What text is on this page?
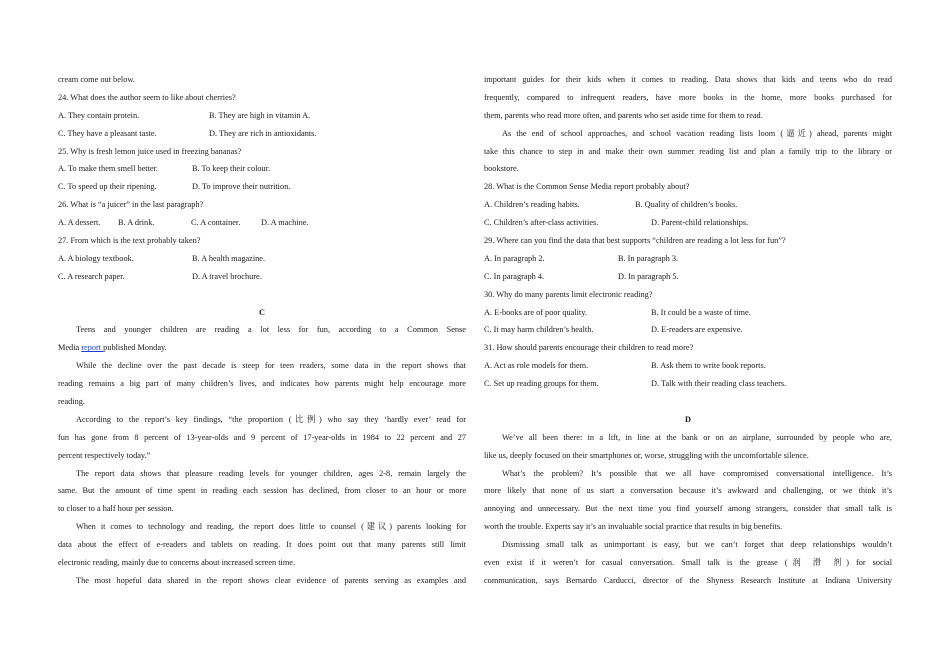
cream come out below.
24. What does the author seem to like about cherries?
A. They contain protein.	B. They are high in vitamin A.
C. They have a pleasant taste.	D. They are rich in antioxidants.
25. Why is fresh lemon juice used in freezing bananas?
A. To make them smell better.	B. To keep their colour.
C. To speed up their ripening.	D. To improve their nutrition.
26. What is “a juicer” in the last paragraph?
A. A dessert.	B. A drink.	C. A container.	D. A machine.
27. From which is the text probably taken?
A. A biology textbook.	B. A health magazine.
C. A research paper.	D. A travel brochure.
C
Teens and younger children are reading a lot less for fun, according to a Common Sense
Media report published Monday.
While the decline over the past decade is steep for teen readers, some data in the report shows that
reading remains a big part of many children’s lives, and indicates how parents might help encourage more
reading.
According to the report’s key findings, “the proportion (比例) who say they ‘hardly ever’ read for
fun has gone from 8 percent of 13-year-olds and 9 percent of 17-year-olds in 1984 to 22 percent and 27
percent respectively today.”
The report data shows that pleasure reading levels for younger children, ages 2-8, remain largely the
same. But the amount of time spent in reading each session has declined, from closer to an hour or more
to closer to a half hour per session.
When it comes to technology and reading, the report does little to counsel (建议) parents looking for
data about the effect of e-readers and tablets on reading. It does point out that many parents still limit
electronic reading, mainly due to concerns about increased screen time.
The most hopeful data shared in the report shows clear evidence of parents serving as examples and
important guides for their kids when it comes to reading. Data shows that kids and teens who do read
frequently, compared to infrequent readers, have more books in the home, more books purchased for
them, parents who read more often, and parents who set aside time for them to read.
As the end of school approaches, and school vacation reading lists loom (逼近) ahead, parents might
take this chance to step in and make their own summer reading list and plan a family trip to the library or
bookstore.
28. What is the Common Sense Media report probably about?
A. Children’s reading habits.	B. Quality of children’s books.
C. Children’s after-class activities.	D. Parent-child relationships.
29. Where can you find the data that best supports “children are reading a lot less for fun”?
A. In paragraph 2.	B. In paragraph 3.
C. In paragraph 4.	D. In paragraph 5.
30. Why do many parents limit electronic reading?
A. E-books are of poor quality.	B. It could be a waste of time.
C. It may harm children’s health.	D. E-readers are expensive.
31. How should parents encourage their children to read more?
A. Act as role models for them.	B. Ask them to write book reports.
C. Set up reading groups for them.	D. Talk with their reading class teachers.
D
We’ve all been there: in a lift, in line at the bank or on an airplane, surrounded by people who are,
like us, deeply focused on their smartphones or, worse, struggling with the uncomfortable silence.
What’s the problem? It’s possible that we all have compromised conversational intelligence. It’s
more likely that none of us start a conversation because it’s awkward and challenging, or we think it’s
annoying and unnecessary. But the next time you find yourself among strangers, consider that small talk is
worth the trouble. Experts say it’s an invaluable social practice that results in big benefits.
Dismissing small talk as unimportant is easy, but we can’t forget that deep relationships wouldn’t
even exist if it weren’t for casual conversation. Small talk is the grease (润 滑 剂) for social
communication, says Bernardo Carducci, director of the Shyness Research Institute at Indiana University
